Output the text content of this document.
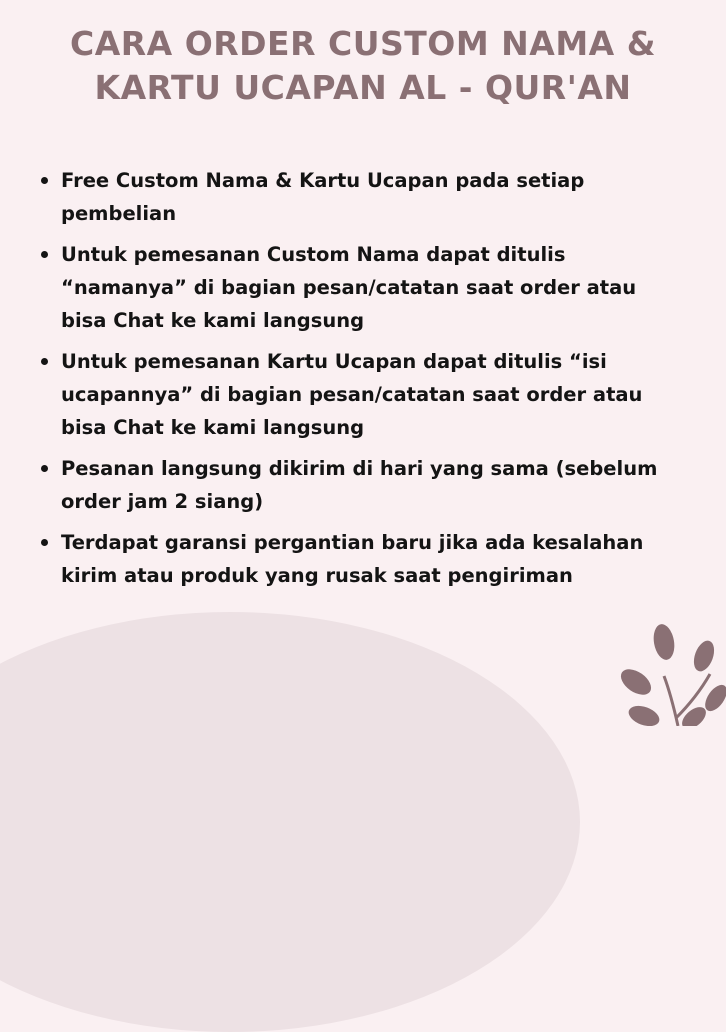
CARA ORDER CUSTOM NAMA &
KARTU UCAPAN AL - QUR'AN
Free Custom Nama & Kartu Ucapan pada setiap pembelian
Untuk pemesanan Custom Nama dapat ditulis “namanya” di bagian pesan/catatan saat order atau bisa Chat ke kami langsung
Untuk pemesanan Kartu Ucapan dapat ditulis “isi ucapannya” di bagian pesan/catatan saat order atau bisa Chat ke kami langsung
Pesanan langsung dikirim di hari yang sama (sebelum order jam 2 siang)
Terdapat garansi pergantian baru jika ada kesalahan kirim atau produk yang rusak saat pengiriman
